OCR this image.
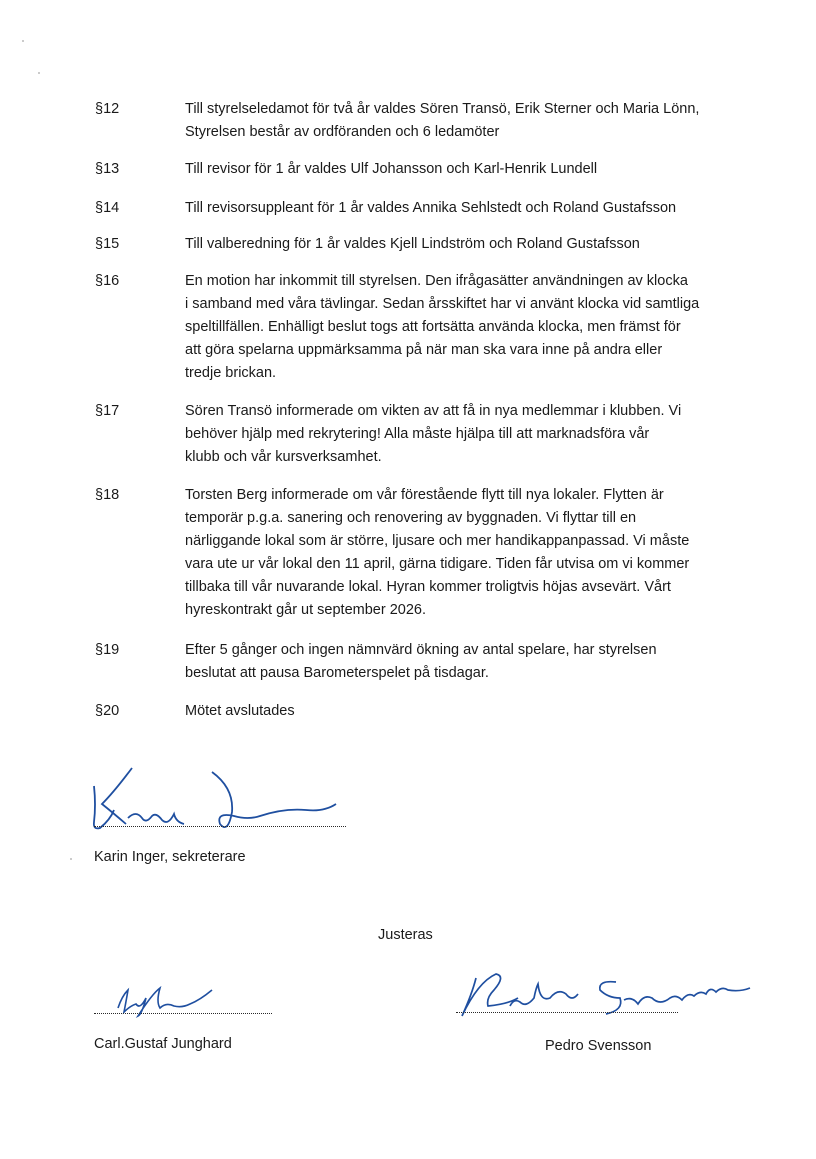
§12	Till styrelseledamot för två år valdes Sören Transö, Erik Sterner och Maria Lönn,
Styrelsen består av ordföranden och 6 ledamöter
§13	Till revisor för 1 år valdes Ulf Johansson och Karl-Henrik Lundell
§14	Till revisorsuppleant för 1 år valdes Annika Sehlstedt och Roland Gustafsson
§15	Till valberedning för 1 år valdes Kjell Lindström och Roland Gustafsson
§16	En motion har inkommit till styrelsen. Den ifrågasätter användningen av klocka
i samband med våra tävlingar. Sedan årsskiftet har vi använt klocka vid samtliga
speltillfällen. Enhälligt beslut togs att fortsätta använda klocka, men främst för
att göra spelarna uppmärksamma på när man ska vara inne på andra eller
tredje brickan.
§17	Sören Transö informerade om vikten av att få in nya medlemmar i klubben. Vi
behöver hjälp med rekrytering! Alla måste hjälpa till att marknadsföra vår
klubb och vår kursverksamhet.
§18	Torsten Berg informerade om vår förestående flytt till nya lokaler. Flytten är
temporär p.g.a. sanering och renovering av byggnaden. Vi flyttar till en
närliggande lokal som är större, ljusare och mer handikappanpassad. Vi måste
vara ute ur vår lokal den 11 april, gärna tidigare. Tiden får utvisa om vi kommer
tillbaka till vår nuvarande lokal. Hyran kommer troligtvis höjas avsevärt. Vårt
hyreskontrakt går ut september 2026.
§19	Efter 5 gånger och ingen nämnvärd ökning av antal spelare, har styrelsen
beslutat att pausa Barometerspelet på tisdagar.
§20	Mötet avslutades
Karin Inger, sekreterare
Justeras
Carl.Gustaf Junghard	Pedro Svensson
